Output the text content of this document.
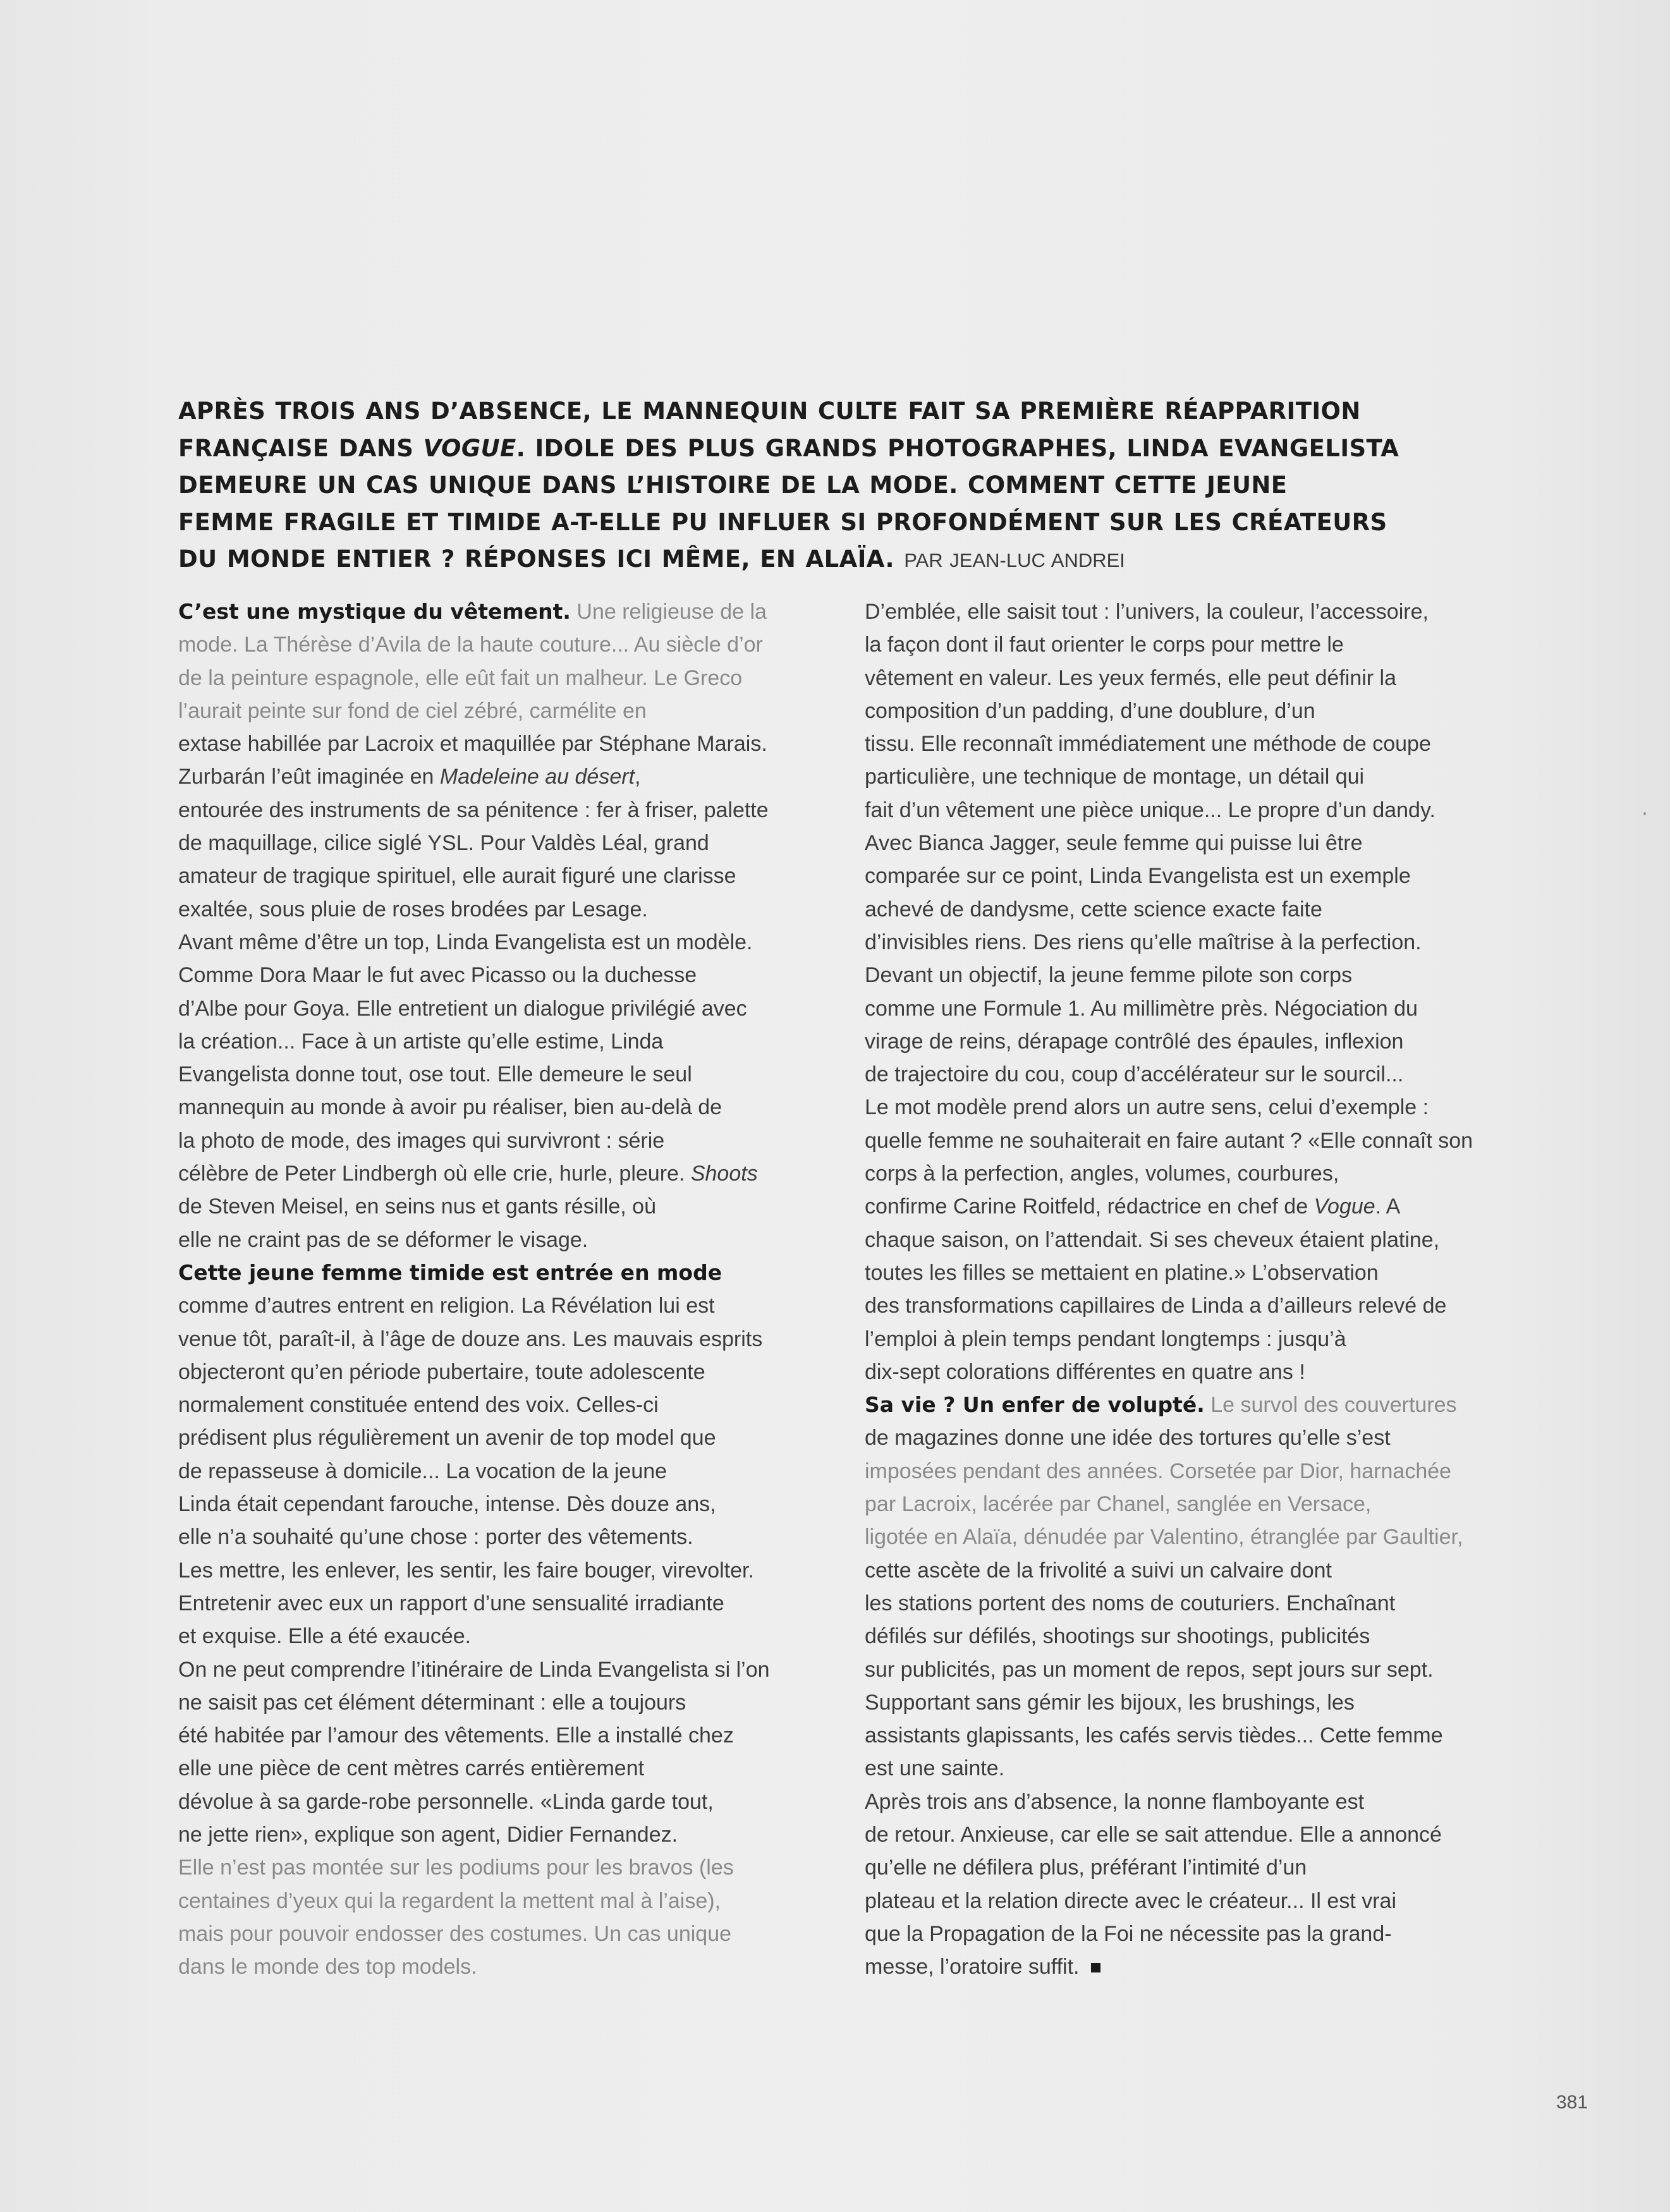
APRÈS TROIS ANS D’ABSENCE, LE MANNEQUIN CULTE FAIT SA PREMIÈRE RÉAPPARITION
FRANÇAISE DANS VOGUE. IDOLE DES PLUS GRANDS PHOTOGRAPHES, LINDA EVANGELISTA
DEMEURE UN CAS UNIQUE DANS L’HISTOIRE DE LA MODE. COMMENT CETTE JEUNE
FEMME FRAGILE ET TIMIDE A-T-ELLE PU INFLUER SI PROFONDÉMENT SUR LES CRÉATEURS
DU MONDE ENTIER ? RÉPONSES ICI MÊME, EN ALAÏA. PAR JEAN-LUC ANDREI
C’est une mystique du vêtement. Une religieuse de la
mode. La Thérèse d’Avila de la haute couture... Au siècle d’or
de la peinture espagnole, elle eût fait un malheur. Le Greco
l’aurait peinte sur fond de ciel zébré, carmélite en
extase habillée par Lacroix et maquillée par Stéphane Marais.
Zurbarán l’eût imaginée en Madeleine au désert,
entourée des instruments de sa pénitence : fer à friser, palette
de maquillage, cilice siglé YSL. Pour Valdès Léal, grand
amateur de tragique spirituel, elle aurait figuré une clarisse
exaltée, sous pluie de roses brodées par Lesage.
Avant même d’être un top, Linda Evangelista est un modèle.
Comme Dora Maar le fut avec Picasso ou la duchesse
d’Albe pour Goya. Elle entretient un dialogue privilégié avec
la création... Face à un artiste qu’elle estime, Linda
Evangelista donne tout, ose tout. Elle demeure le seul
mannequin au monde à avoir pu réaliser, bien au-delà de
la photo de mode, des images qui survivront : série
célèbre de Peter Lindbergh où elle crie, hurle, pleure. Shoots
de Steven Meisel, en seins nus et gants résille, où
elle ne craint pas de se déformer le visage.
Cette jeune femme timide est entrée en mode
comme d’autres entrent en religion. La Révélation lui est
venue tôt, paraît-il, à l’âge de douze ans. Les mauvais esprits
objecteront qu’en période pubertaire, toute adolescente
normalement constituée entend des voix. Celles-ci
prédisent plus régulièrement un avenir de top model que
de repasseuse à domicile... La vocation de la jeune
Linda était cependant farouche, intense. Dès douze ans,
elle n’a souhaité qu’une chose : porter des vêtements.
Les mettre, les enlever, les sentir, les faire bouger, virevolter.
Entretenir avec eux un rapport d’une sensualité irradiante
et exquise. Elle a été exaucée.
On ne peut comprendre l’itinéraire de Linda Evangelista si l’on
ne saisit pas cet élément déterminant : elle a toujours
été habitée par l’amour des vêtements. Elle a installé chez
elle une pièce de cent mètres carrés entièrement
dévolue à sa garde-robe personnelle. «Linda garde tout,
ne jette rien», explique son agent, Didier Fernandez.
Elle n’est pas montée sur les podiums pour les bravos (les
centaines d’yeux qui la regardent la mettent mal à l’aise),
mais pour pouvoir endosser des costumes. Un cas unique
dans le monde des top models.
D’emblée, elle saisit tout : l’univers, la couleur, l’accessoire,
la façon dont il faut orienter le corps pour mettre le
vêtement en valeur. Les yeux fermés, elle peut définir la
composition d’un padding, d’une doublure, d’un
tissu. Elle reconnaît immédiatement une méthode de coupe
particulière, une technique de montage, un détail qui
fait d’un vêtement une pièce unique... Le propre d’un dandy.
Avec Bianca Jagger, seule femme qui puisse lui être
comparée sur ce point, Linda Evangelista est un exemple
achevé de dandysme, cette science exacte faite
d’invisibles riens. Des riens qu’elle maîtrise à la perfection.
Devant un objectif, la jeune femme pilote son corps
comme une Formule 1. Au millimètre près. Négociation du
virage de reins, dérapage contrôlé des épaules, inflexion
de trajectoire du cou, coup d’accélérateur sur le sourcil...
Le mot modèle prend alors un autre sens, celui d’exemple :
quelle femme ne souhaiterait en faire autant ? «Elle connaît son
corps à la perfection, angles, volumes, courbures,
confirme Carine Roitfeld, rédactrice en chef de Vogue. A
chaque saison, on l’attendait. Si ses cheveux étaient platine,
toutes les filles se mettaient en platine.» L’observation
des transformations capillaires de Linda a d’ailleurs relevé de
l’emploi à plein temps pendant longtemps : jusqu’à
dix-sept colorations différentes en quatre ans !
Sa vie ? Un enfer de volupté. Le survol des couvertures
de magazines donne une idée des tortures qu’elle s’est
imposées pendant des années. Corsetée par Dior, harnachée
par Lacroix, lacérée par Chanel, sanglée en Versace,
ligotée en Alaïa, dénudée par Valentino, étranglée par Gaultier,
cette ascète de la frivolité a suivi un calvaire dont
les stations portent des noms de couturiers. Enchaînant
défilés sur défilés, shootings sur shootings, publicités
sur publicités, pas un moment de repos, sept jours sur sept.
Supportant sans gémir les bijoux, les brushings, les
assistants glapissants, les cafés servis tièdes... Cette femme
est une sainte.
Après trois ans d’absence, la nonne flamboyante est
de retour. Anxieuse, car elle se sait attendue. Elle a annoncé
qu’elle ne défilera plus, préférant l’intimité d’un
plateau et la relation directe avec le créateur... Il est vrai
que la Propagation de la Foi ne nécessite pas la grand-
messe, l’oratoire suffit.
381
